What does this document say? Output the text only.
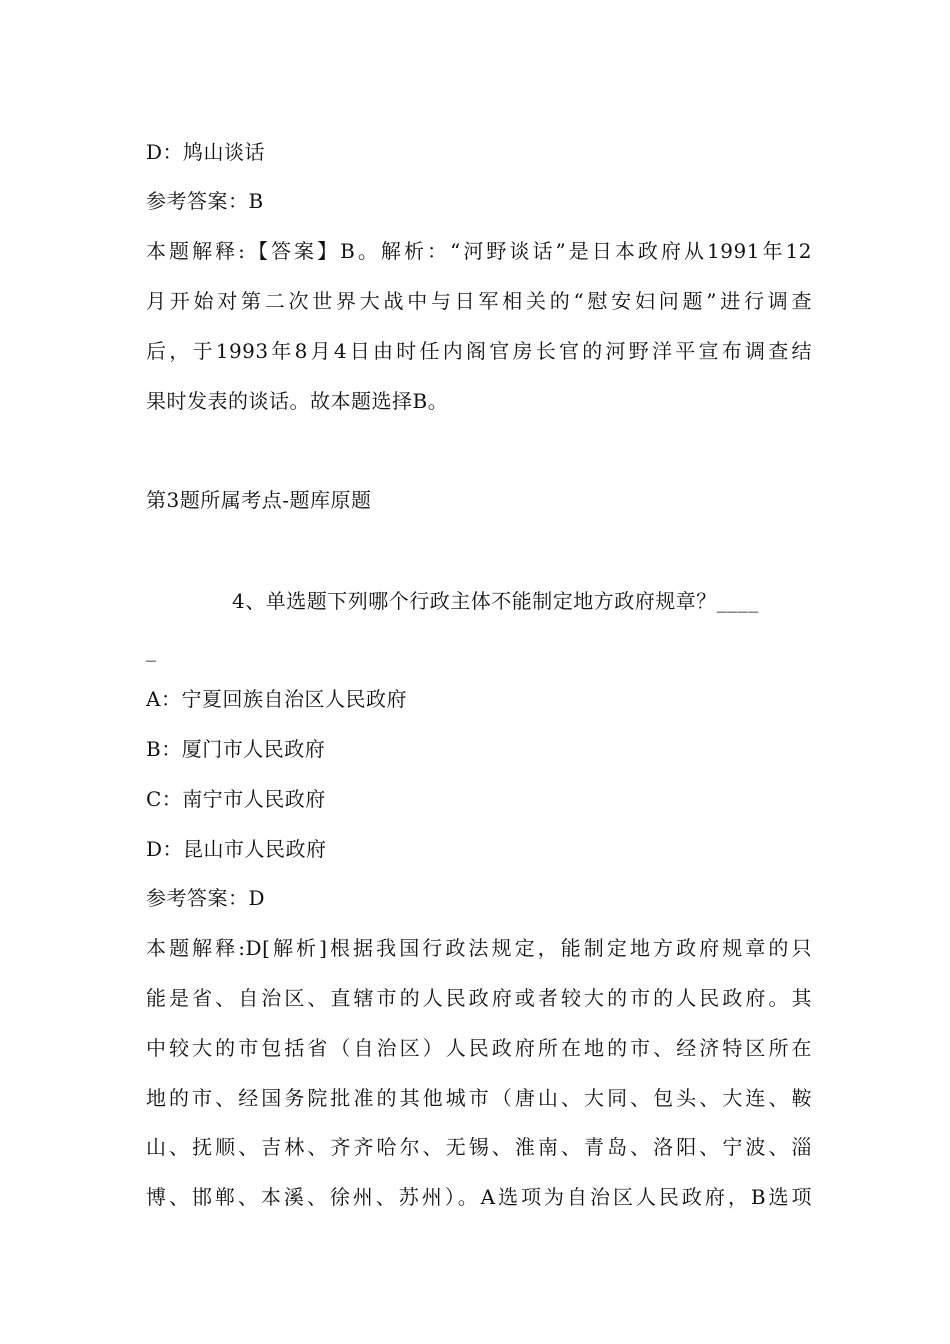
D：鸠山谈话
参考答案：B
本题解释:【答案】B。解析：“河野谈话”是日本政府从1991年12
月开始对第二次世界大战中与日军相关的“慰安妇问题”进行调查
后，于1993年8月4日由时任内阁官房长官的河野洋平宣布调查结
果时发表的谈话。故本题选择B。
第3题所属考点-题库原题
4、单选题下列哪个行政主体不能制定地方政府规章？____
_
A：宁夏回族自治区人民政府
B：厦门市人民政府
C：南宁市人民政府
D：昆山市人民政府
参考答案：D
本题解释:D[解析]根据我国行政法规定，能制定地方政府规章的只
能是省、自治区、直辖市的人民政府或者较大的市的人民政府。其
中较大的市包括省（自治区）人民政府所在地的市、经济特区所在
地的市、经国务院批准的其他城市（唐山、大同、包头、大连、鞍
山、抚顺、吉林、齐齐哈尔、无锡、淮南、青岛、洛阳、宁波、淄
博、邯郸、本溪、徐州、苏州）。A选项为自治区人民政府，B选项
